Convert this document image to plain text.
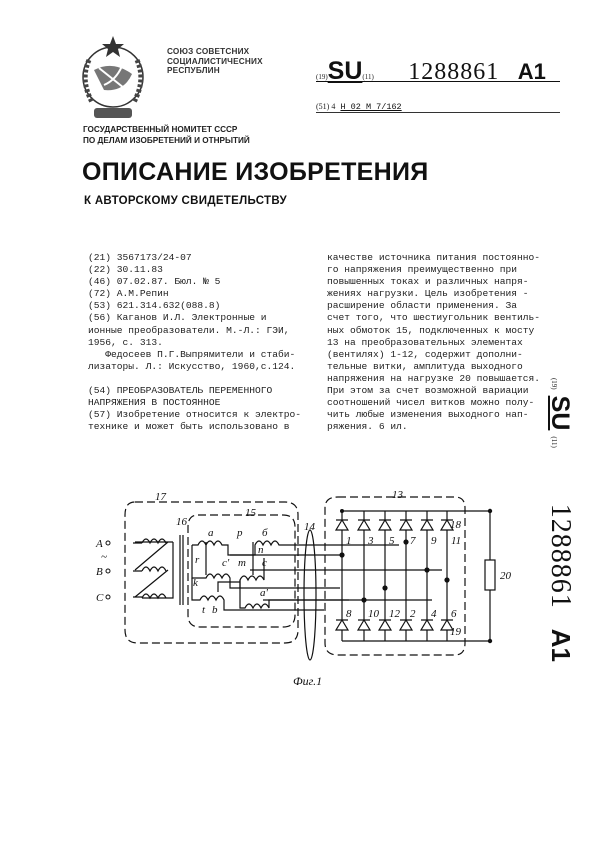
СОЮЗ СОВЕТСНИХ
СОЦИАЛИСТИЧЕСНИХ
РЕСПУБЛИН
(19)SU(11) 1288861 A1
(51) 4 H 02 M 7/162
ГОСУДАРСТВЕННЫЙ НОМИТЕТ СССР
ПО ДЕЛАМ ИЗОБРЕТЕНИЙ И ОТНРЫТИЙ
ОПИСАНИЕ ИЗОБРЕТЕНИЯ
К АВТОРСКОМУ СВИДЕТЕЛЬСТВУ
(21) 3567173/24-07
(22) 30.11.83
(46) 07.02.87. Бюл. № 5
(72) А.М.Репин
(53) 621.314.632(088.8)
(56) Каганов И.Л. Электронные и
ионные преобразователи. М.-Л.: ГЭИ,
1956, с. 313.
Федосеев П.Г.Выпрямители и стаби-
лизаторы. Л.: Искусство, 1960,с.124.
(54) ПРЕОБРАЗОВАТЕЛЬ ПЕРЕМЕННОГО
НАПРЯЖЕНИЯ В ПОСТОЯННОЕ
(57) Изобретение относится к электро-
технике и может быть использовано в
качестве источника питания постоянно-
го напряжения преимущественно при
повышенных токах и различных напря-
жениях нагрузки. Цель изобретения -
расширение области применения. За
счет того, что шестиугольник вентиль-
ных обмоток 15, подключенных к мосту
13 на преобразовательных элементах
(вентилях) 1-12, содержит дополни-
тельные витки, амплитуда выходного
напряжения на нагрузке 20 повышается.
При этом за счет возможной вариации
соотношений чисел витков можно полу-
чить любые изменения выходного нап-
ряжения. 6 ил.
(19)
SU
(11)
1288861
A1
17
16
15
14
13
A
~
B
C
a p б
r
n
c' m c
k
a'
t b
18
19
20
1
8
3
10
5
12
7
2
9
4
11
6
Фиг.1
